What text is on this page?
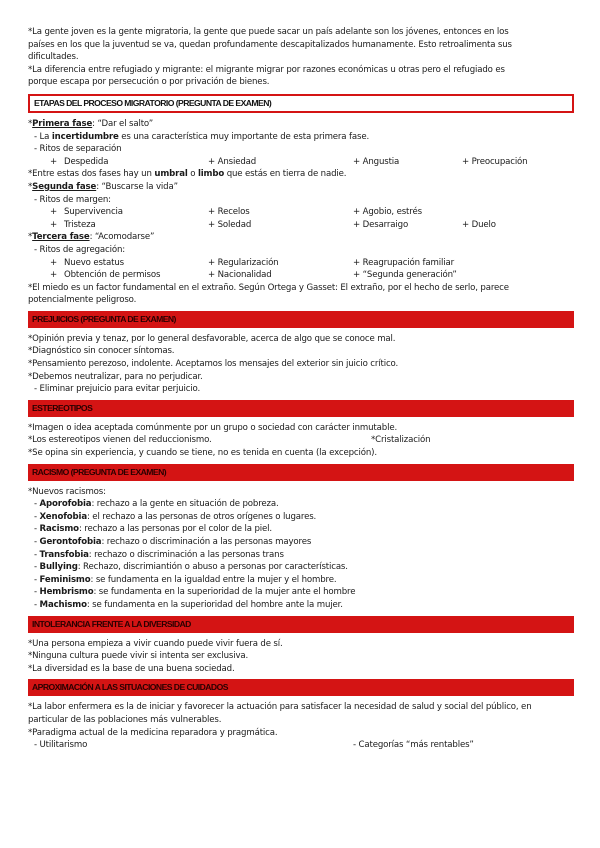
*La gente joven es la gente migratoria, la gente que puede sacar un país adelante son los jóvenes, entonces en los
países en los que la juventud se va, quedan profundamente descapitalizados humanamente. Esto retroalimenta sus
dificultades.
*La diferencia entre refugiado y migrante: el migrante migrar por razones económicas u otras pero el refugiado es
porque escapa por persecución o por privación de bienes.
ETAPAS DEL PROCESO MIGRATORIO (PREGUNTA DE EXAMEN)
*Primera fase: “Dar el salto”
- La incertidumbre es una característica muy importante de esta primera fase.
- Ritos de separación
+ Despedida	+ Ansiedad	+ Angustia	+ Preocupación
*Entre estas dos fases hay un umbral o limbo que estás en tierra de nadie.
*Segunda fase: “Buscarse la vida”
- Ritos de margen:
+ Supervivencia	+ Recelos	+ Agobio, estrés
+ Tristeza	+ Soledad	+ Desarraigo	+ Duelo
*Tercera fase: “Acomodarse”
- Ritos de agregación:
+ Nuevo estatus	+ Regularización	+ Reagrupación familiar
+ Obtención de permisos	+ Nacionalidad	+ “Segunda generación”
*El miedo es un factor fundamental en el extraño. Según Ortega y Gasset: El extraño, por el hecho de serlo, parece
potencialmente peligroso.
PREJUICIOS (PREGUNTA DE EXAMEN)
*Opinión previa y tenaz, por lo general desfavorable, acerca de algo que se conoce mal.
*Diagnóstico sin conocer síntomas.
*Pensamiento perezoso, indolente. Aceptamos los mensajes del exterior sin juicio crítico.
*Debemos neutralizar, para no perjudicar.
- Eliminar prejuicio para evitar perjuicio.
ESTEREOTIPOS
*Imagen o idea aceptada comúnmente por un grupo o sociedad con carácter inmutable.
*Los estereotipos vienen del reduccionismo.	*Cristalización
*Se opina sin experiencia, y cuando se tiene, no es tenida en cuenta (la excepción).
RACISMO (PREGUNTA DE EXAMEN)
*Nuevos racismos:
- Aporofobia: rechazo a la gente en situación de pobreza.
- Xenofobia: el rechazo a las personas de otros orígenes o lugares.
- Racismo: rechazo a las personas por el color de la piel.
- Gerontofobia: rechazo o discriminación a las personas mayores
- Transfobia: rechazo o discriminación a las personas trans
- Bullying: Rechazo, discrimiantión o abuso a personas por características.
- Feminismo: se fundamenta en la igualdad entre la mujer y el hombre.
- Hembrismo: se fundamenta en la superioridad de la mujer ante el hombre
- Machismo: se fundamenta en la superioridad del hombre ante la mujer.
INTOLERANCIA FRENTE A LA DIVERSIDAD
*Una persona empieza a vivir cuando puede vivir fuera de sí.
*Ninguna cultura puede vivir si intenta ser exclusiva.
*La diversidad es la base de una buena sociedad.
APROXIMACIÓN A LAS SITUACIONES DE CUIDADOS
*La labor enfermera es la de iniciar y favorecer la actuación para satisfacer la necesidad de salud y social del público, en
particular de las poblaciones más vulnerables.
*Paradigma actual de la medicina reparadora y pragmática.
- Utilitarismo	- Categorías “más rentables”
